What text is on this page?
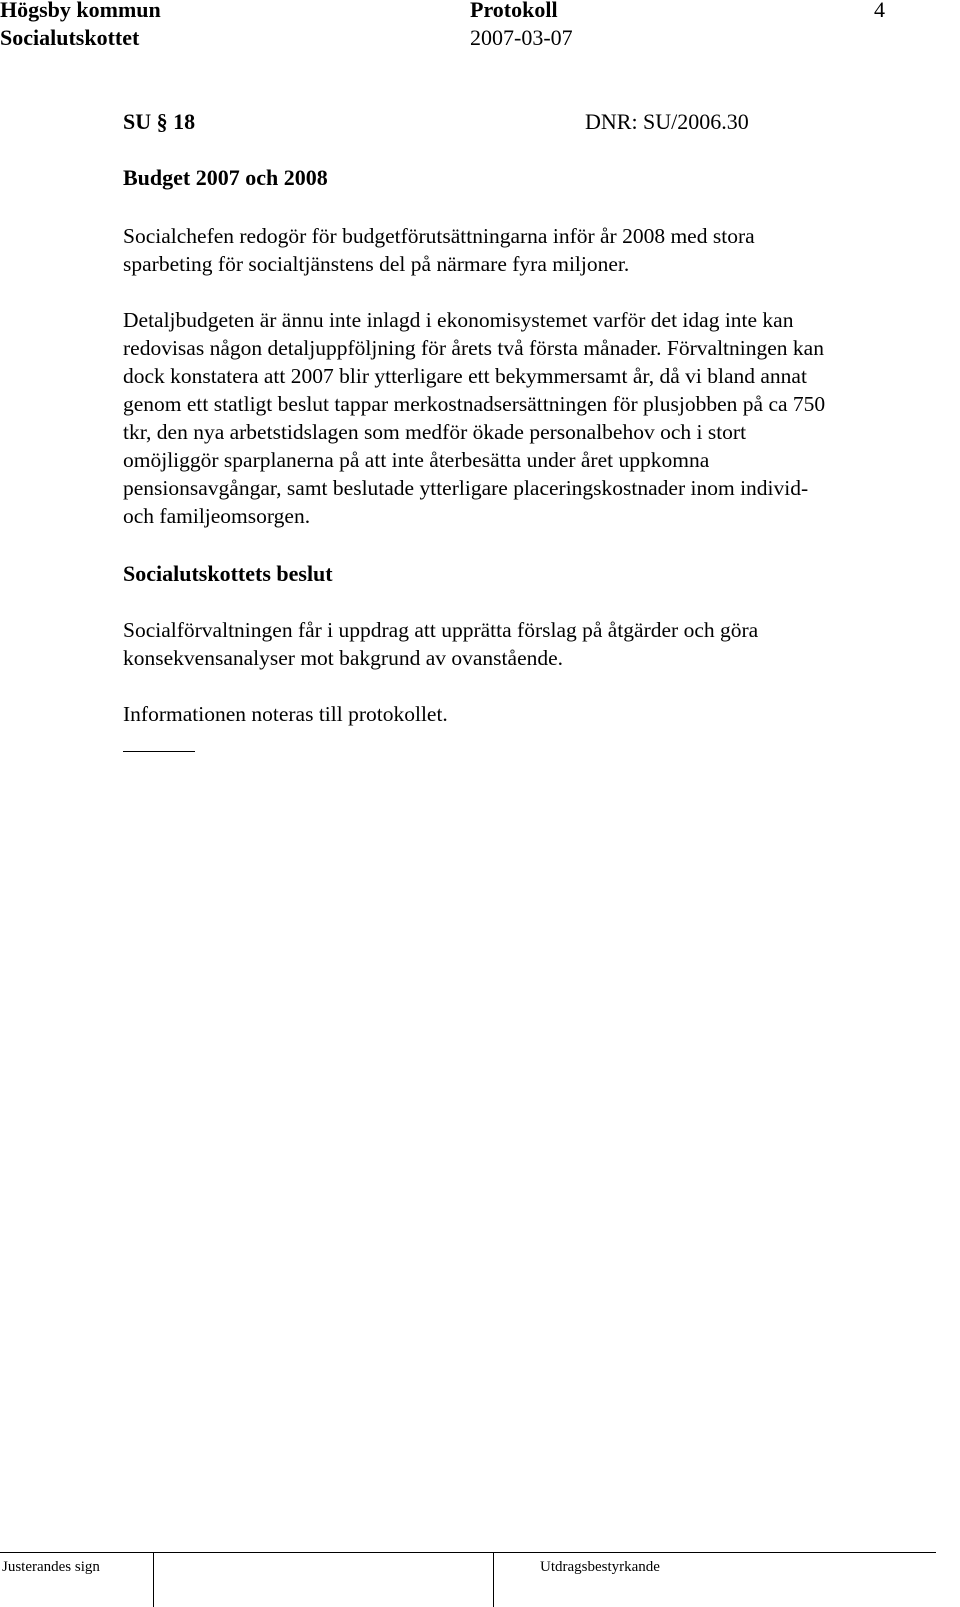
Högsby kommun
Socialutskottet
Protokoll
2007-03-07
4
SU § 18	DNR: SU/2006.30
Budget 2007 och 2008
Socialchefen redogör för budgetförutsättningarna inför år 2008 med stora
sparbeting för socialtjänstens del på närmare fyra miljoner.
Detaljbudgeten är ännu inte inlagd i ekonomisystemet varför det idag inte kan
redovisas någon detaljuppföljning för årets två första månader. Förvaltningen kan
dock konstatera att 2007 blir ytterligare ett bekymmersamt år, då vi bland annat
genom ett statligt beslut tappar merkostnadsersättningen för plusjobben på ca 750
tkr, den nya arbetstidslagen som medför ökade personalbehov och i stort
omöjliggör sparplanerna på att inte återbesätta under året uppkomna
pensionsavgångar, samt beslutade ytterligare placeringskostnader inom individ-
och familjeomsorgen.
Socialutskottets beslut
Socialförvaltningen får i uppdrag att upprätta förslag på åtgärder och göra
konsekvensanalyser mot bakgrund av ovanstående.
Informationen noteras till protokollet.
Justerandes sign	Utdragsbestyrkande
